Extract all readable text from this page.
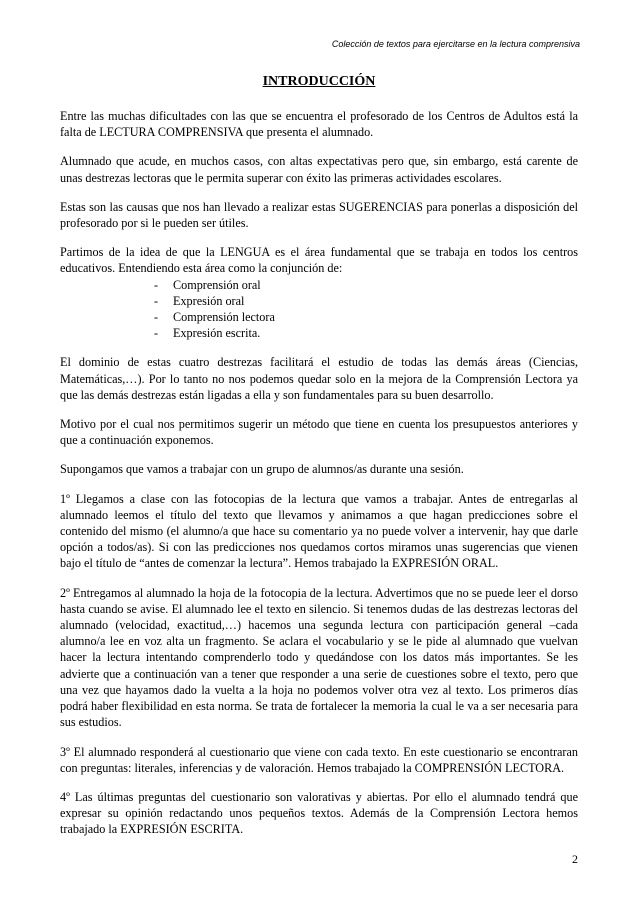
Colección de textos para ejercitarse en la lectura comprensiva
INTRODUCCIÓN

Entre las muchas dificultades con las que se encuentra el profesorado de los Centros de Adultos está la falta de LECTURA COMPRENSIVA que presenta el alumnado.

Alumnado que acude, en muchos casos, con altas expectativas pero que, sin embargo, está carente de unas destrezas lectoras que le permita superar con éxito las primeras actividades escolares.

Estas son las causas que nos han llevado a realizar estas SUGERENCIAS para ponerlas a disposición del profesorado por si le pueden ser útiles.

Partimos de la idea de que la LENGUA es el área fundamental que se trabaja en todos los centros educativos. Entendiendo esta área como la conjunción de:

- Comprensión oral
- Expresión oral
- Comprensión lectora
- Expresión escrita.

El dominio de estas cuatro destrezas facilitará el estudio de todas las demás áreas (Ciencias, Matemáticas,…). Por lo tanto no nos podemos quedar solo en la mejora de la Comprensión Lectora ya que las demás destrezas están ligadas a ella y son fundamentales para su buen desarrollo.

Motivo por el cual nos permitimos sugerir un método que tiene en cuenta los presupuestos anteriores y que a continuación exponemos.

Supongamos que vamos a trabajar con un grupo de alumnos/as durante una sesión.

1º Llegamos a clase con las fotocopias de la lectura que vamos a trabajar. Antes de entregarlas al alumnado leemos el título del texto que llevamos y animamos a que hagan predicciones sobre el contenido del mismo (el alumno/a que hace su comentario ya no puede volver a intervenir, hay que darle opción a todos/as). Si con las predicciones nos quedamos cortos miramos unas sugerencias que vienen bajo el título de “antes de comenzar la lectura”. Hemos trabajado la EXPRESIÓN ORAL.

2º Entregamos al alumnado la hoja de la fotocopia de la lectura. Advertimos que no se puede leer el dorso hasta cuando se avise. El alumnado lee el texto en silencio. Si tenemos dudas de las destrezas lectoras del alumnado (velocidad, exactitud,…) hacemos una segunda lectura con participación general –cada alumno/a lee en voz alta un fragmento. Se aclara el vocabulario y se le pide al alumnado que vuelvan hacer la lectura intentando comprenderlo todo y quedándose con los datos más importantes. Se les advierte que a continuación van a tener que responder a una serie de cuestiones sobre el texto, pero que una vez que hayamos dado la vuelta a la hoja no podemos volver otra vez al texto. Los primeros días podrá haber flexibilidad en esta norma. Se trata de fortalecer la memoria la cual le va a ser necesaria para sus estudios.

3º El alumnado responderá al cuestionario que viene con cada texto. En este cuestionario se encontraran con preguntas: literales, inferencias y de valoración. Hemos trabajado la COMPRENSIÓN LECTORA.

4º Las últimas preguntas del cuestionario son valorativas y abiertas. Por ello el alumnado tendrá que expresar su opinión redactando unos pequeños textos. Además de la Comprensión Lectora hemos trabajado la EXPRESIÓN ESCRITA.

2
